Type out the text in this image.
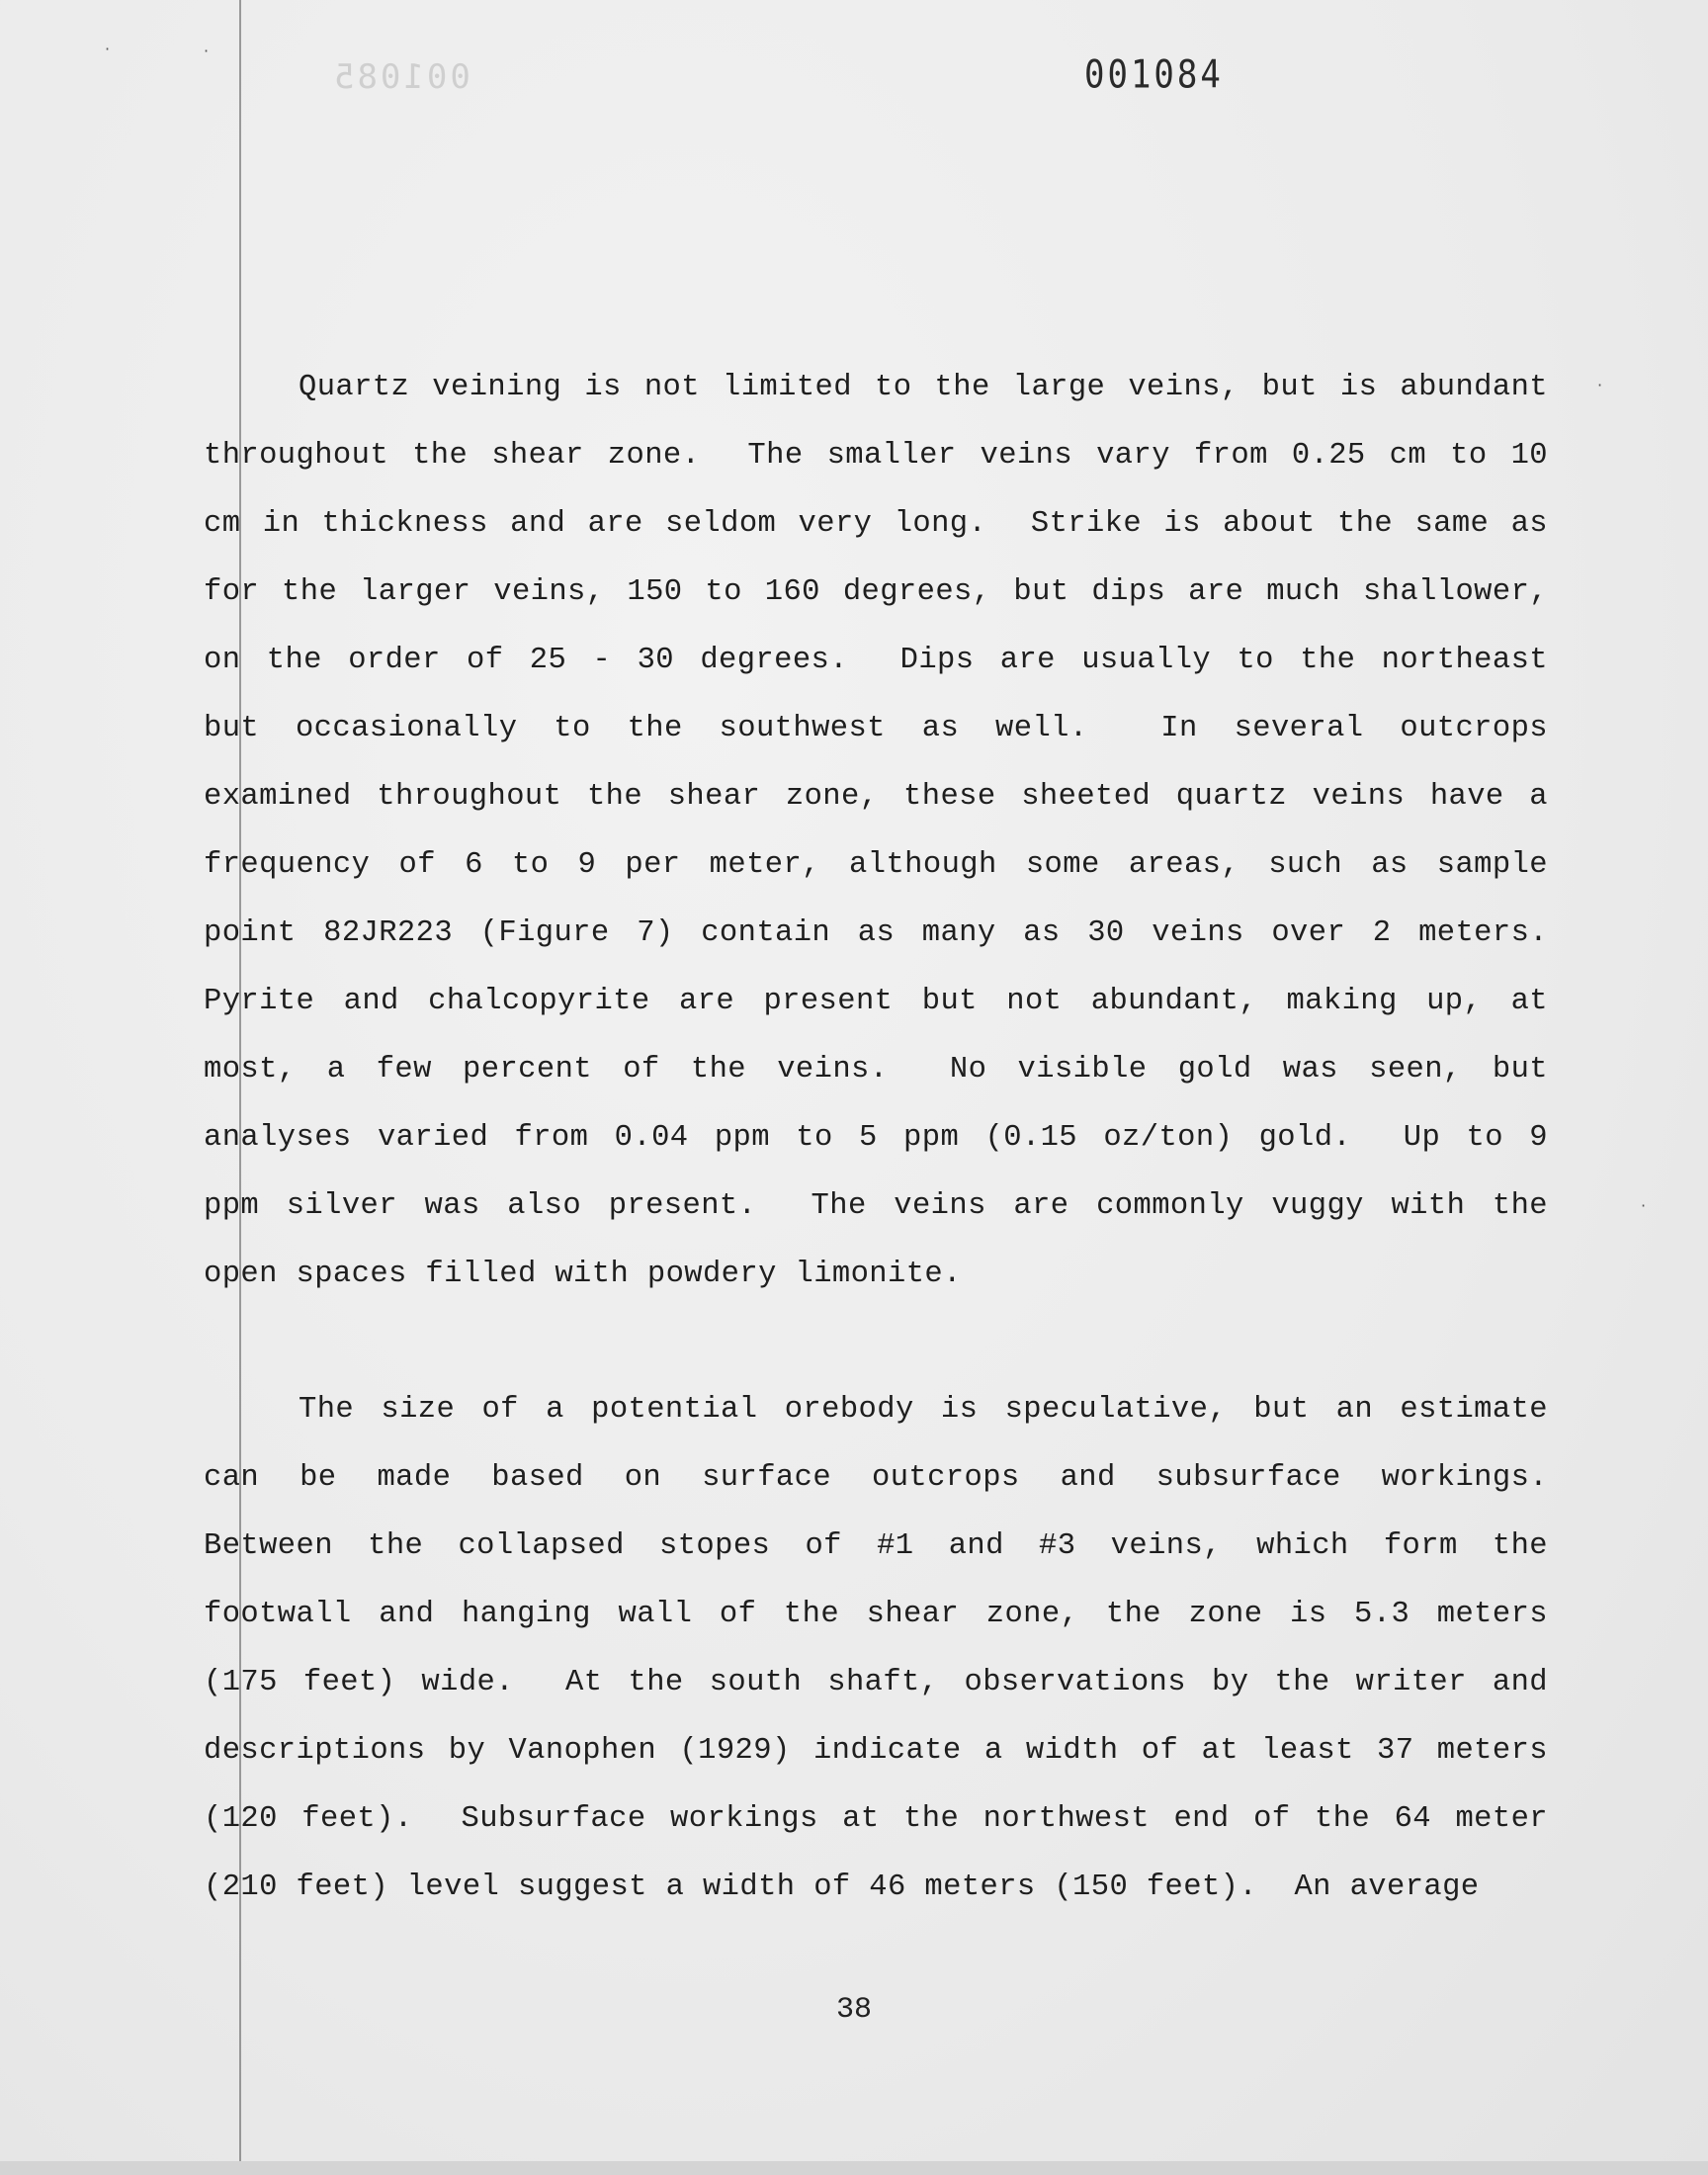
·	·
·
·
001085	001084
Quartz veining is not limited to the large veins, but is abundant
throughout the shear zone.  The smaller veins vary from 0.25 cm to 10
cm in thickness and are seldom very long.  Strike is about the same as
for the larger veins, 150 to 160 degrees, but dips are much shallower,
on the order of 25 - 30 degrees.  Dips are usually to the northeast
but occasionally to the southwest as well.  In several outcrops
examined throughout the shear zone, these sheeted quartz veins have a
frequency of 6 to 9 per meter, although some areas, such as sample
point 82JR223 (Figure 7) contain as many as 30 veins over 2 meters.
Pyrite and chalcopyrite are present but not abundant, making up, at
most, a few percent of the veins.  No visible gold was seen, but
analyses varied from 0.04 ppm to 5 ppm (0.15 oz/ton) gold.  Up to 9
ppm silver was also present.  The veins are commonly vuggy with the
open spaces filled with powdery limonite.
The size of a potential orebody is speculative, but an estimate
can be made based on surface outcrops and subsurface workings.
Between the collapsed stopes of #1 and #3 veins, which form the
footwall and hanging wall of the shear zone, the zone is 5.3 meters
(175 feet) wide.  At the south shaft, observations by the writer and
descriptions by Vanophen (1929) indicate a width of at least 37 meters
(120 feet).  Subsurface workings at the northwest end of the 64 meter
(210 feet) level suggest a width of 46 meters (150 feet).  An average
38
